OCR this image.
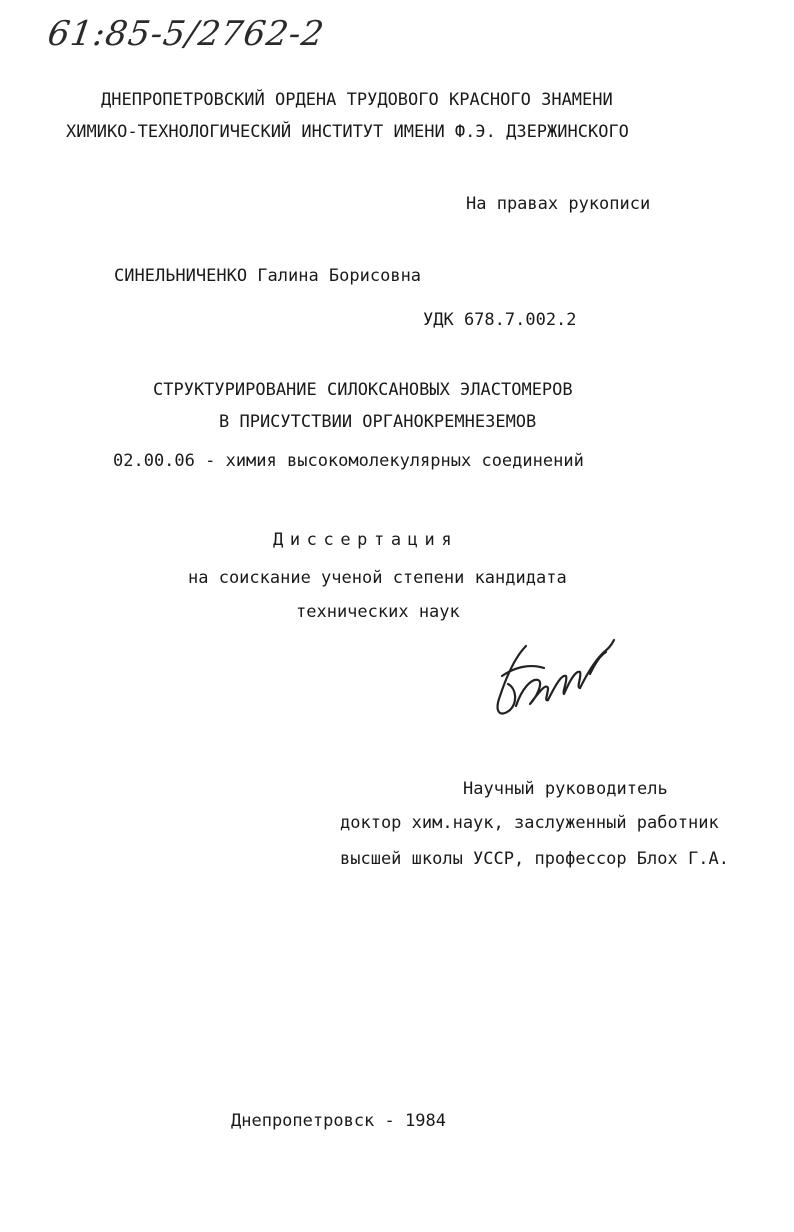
61:85-5/2762-2
ДНЕПРОПЕТРОВСКИЙ ОРДЕНА ТРУДОВОГО КРАСНОГО ЗНАМЕНИ
ХИМИКО-ТЕХНОЛОГИЧЕСКИЙ ИНСТИТУТ ИМЕНИ Ф.Э. ДЗЕРЖИНСКОГО
На правах рукописи
СИНЕЛЬНИЧЕНКО Галина Борисовна
УДК 678.7.002.2
СТРУКТУРИРОВАНИЕ СИЛОКСАНОВЫХ ЭЛАСТОМЕРОВ
В ПРИСУТСТВИИ ОРГАНОКРЕМНЕЗЕМОВ
02.00.06 - химия высокомолекулярных соединений
Диссертация
на соискание ученой степени кандидата
технических наук
Научный руководитель
доктор хим.наук, заслуженный работник
высшей школы УССР, профессор Блох Г.А.
Днепропетровск - 1984
